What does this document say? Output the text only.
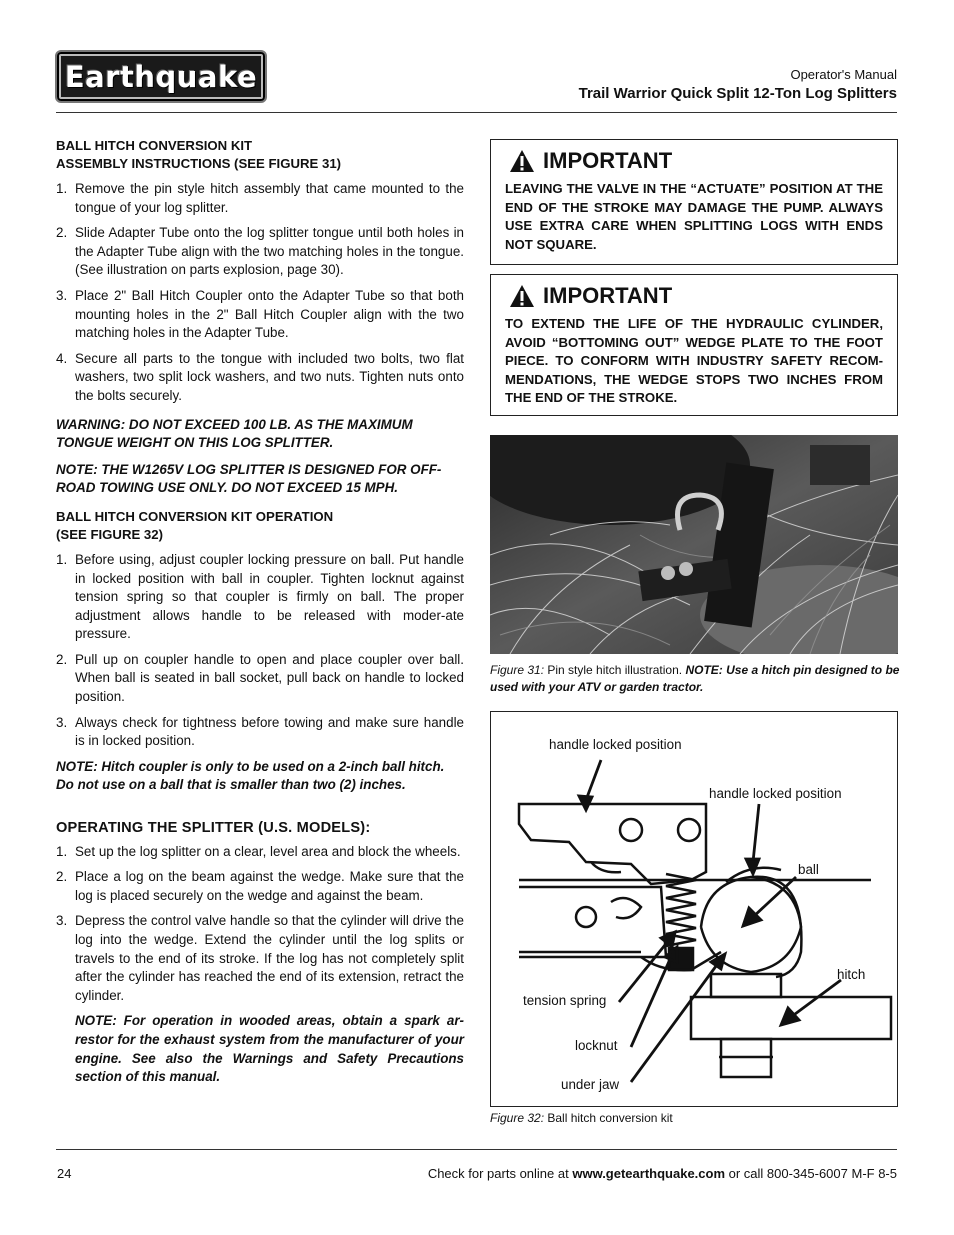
Earthquake	Operator's Manual
Trail Warrior Quick Split 12-Ton Log Splitters
BALL HITCH CONVERSION KIT
ASSEMBLY INSTRUCTIONS (SEE FIGURE 31)
1. Remove the pin style hitch assembly that came mounted to the tongue of your log splitter.
2. Slide Adapter Tube onto the log splitter tongue until both holes in the Adapter Tube align with the two matching holes in the tongue. (See illustration on parts explosion, page 30).
3. Place 2" Ball Hitch Coupler onto the Adapter Tube so that both mounting holes in the 2" Ball Hitch Coupler align with the two matching holes in the Adapter Tube.
4. Secure all parts to the tongue with included two bolts, two flat washers, two split lock washers, and two nuts. Tighten nuts onto the bolts securely.
WARNING: DO NOT EXCEED 100 LB. AS THE MAXIMUM TONGUE WEIGHT ON THIS LOG SPLITTER.
NOTE: THE W1265V LOG SPLITTER IS DESIGNED FOR OFF-ROAD TOWING USE ONLY. DO NOT EXCEED 15 MPH.
BALL HITCH CONVERSION KIT OPERATION
(SEE FIGURE 32)
1. Before using, adjust coupler locking pressure on ball. Put handle in locked position with ball in coupler. Tighten locknut against tension spring so that coupler is firmly on ball. The proper adjustment allows handle to be released with moder-ate pressure.
2. Pull up on coupler handle to open and place coupler over ball. When ball is seated in ball socket, pull back on handle to locked position.
3. Always check for tightness before towing and make sure handle is in locked position.
NOTE: Hitch coupler is only to be used on a 2-inch ball hitch. Do not use on a ball that is smaller than two (2) inches.
OPERATING THE SPLITTER (U.S. MODELS):
1. Set up the log splitter on a clear, level area and block the wheels.
2. Place a log on the beam against the wedge. Make sure that the log is placed securely on the wedge and against the beam.
3. Depress the control valve handle so that the cylinder will drive the log into the wedge. Extend the cylinder until the log splits or travels to the end of its stroke. If the log has not completely split after the cylinder has reached the end of its extension, retract the cylinder.
NOTE: For operation in wooded areas, obtain a spark ar-restor for the exhaust system from the manufacturer of your engine. See also the Warnings and Safety Precautions section of this manual.
IMPORTANT
LEAVING THE VALVE IN THE “ACTUATE” POSITION AT THE END OF THE STROKE MAY DAMAGE THE PUMP. ALWAYS USE EXTRA CARE WHEN SPLITTING LOGS WITH ENDS NOT SQUARE.
IMPORTANT
TO EXTEND THE LIFE OF THE HYDRAULIC CYLINDER, AVOID “BOTTOMING OUT” WEDGE PLATE TO THE FOOT PIECE. TO CONFORM WITH INDUSTRY SAFETY RECOM-MENDATIONS, THE WEDGE STOPS TWO INCHES FROM THE END OF THE STROKE.
Figure 31: Pin style hitch illustration. NOTE: Use a hitch pin designed to be used with your ATV or garden tractor.
handle locked position
handle locked position
ball
hitch
tension spring
locknut
under jaw
Figure 32: Ball hitch conversion kit
24	Check for parts online at www.getearthquake.com or call 800-345-6007 M-F 8-5
